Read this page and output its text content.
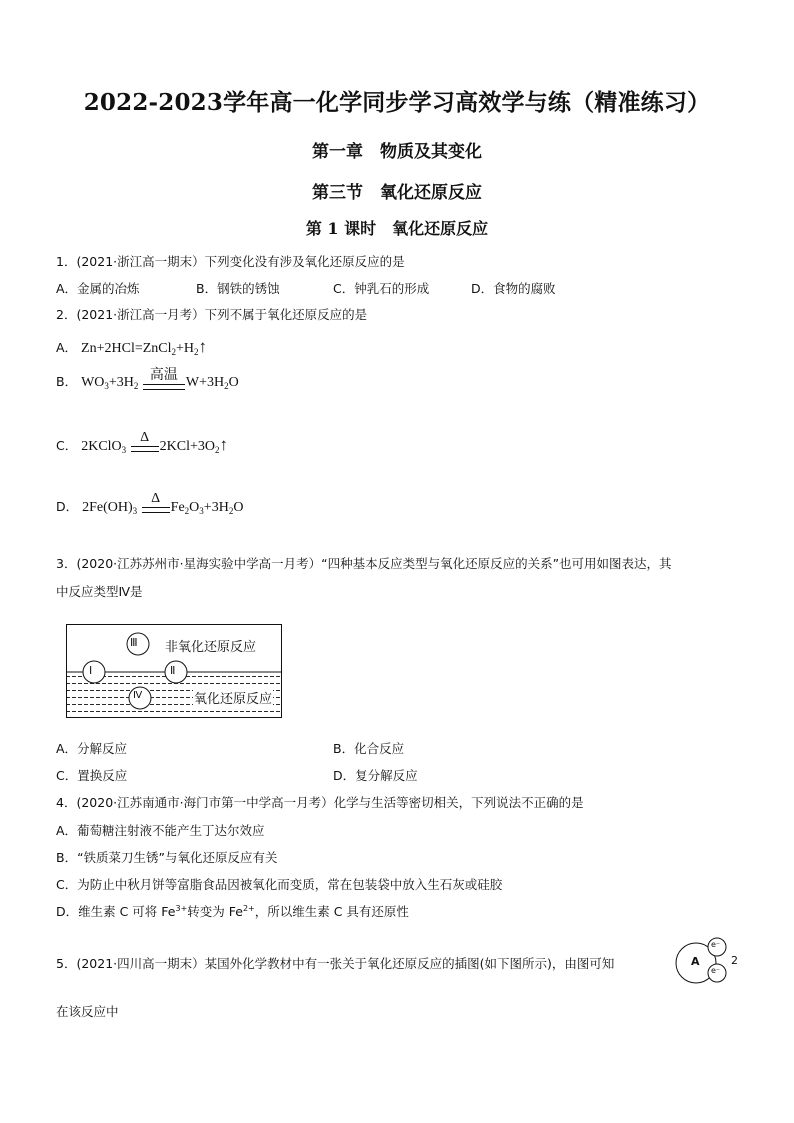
2022-2023学年高一化学同步学习高效学与练（精准练习）
第一章　物质及其变化
第三节　氧化还原反应
第 1 课时　氧化还原反应
1．(2021·浙江高一期末）下列变化没有涉及氧化还原反应的是
A．金属的冶炼	B．钢铁的锈蚀	C．钟乳石的形成	D．食物的腐败
2．(2021·浙江高一月考）下列不属于氧化还原反应的是
A． $Zn+2HCl=ZnCl_2+H_2↑$
B． $WO_3+3H_2$
高温 $W+3H_2O$
C． 2KClO$_3$
Δ
$2KCl+3O_2↑$
D． $2Fe(OH)_3$
Δ
$Fe_2O_3+3H_2O$
3．(2020·江苏苏州市·星海实验中学高一月考）“四种基本反应类型与氧化还原反应的关系”也可用如图表达，其
中反应类型Ⅳ是
Ⅲ
Ⅰ	Ⅱ
Ⅳ
非氧化还原反应
氧化还原反应
A．分解反应	B．化合反应
C．置换反应	D．复分解反应
4．(2020·江苏南通市·海门市第一中学高一月考）化学与生活等密切相关，下列说法不正确的是
A．葡萄糖注射液不能产生丁达尔效应
B．“铁质菜刀生锈”与氧化还原反应有关
C．为防止中秋月饼等富脂食品因被氧化而变质，常在包装袋中放入生石灰或硅胶
D．维生素 C 可将 $Fe^{3+}$转变为 $Fe^{2+}$，所以维生素 C 具有还原性
5．(2021·四川高一期末）某国外化学教材中有一张关于氧化还原反应的插图(如下图所示)，由图可知
在该反应中
A
e⁻
e⁻
2
